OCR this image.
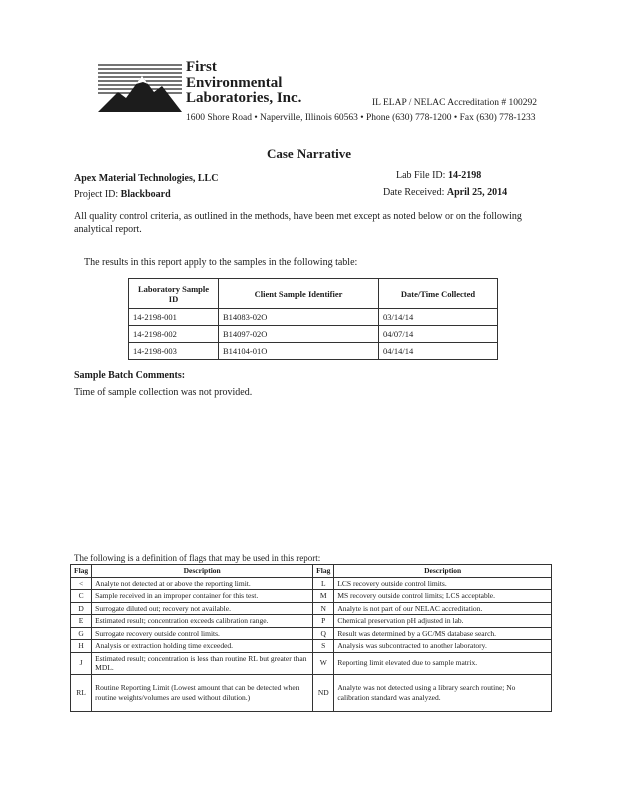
First
Environmental
Laboratories, Inc.	IL ELAP / NELAC Accreditation # 100292
1600 Shore Road • Naperville, Illinois 60563 • Phone (630) 778-1200 • Fax (630) 778-1233
Case Narrative
Apex Material Technologies, LLC
Project ID: Blackboard
Lab File ID: 14-2198
Date Received: April 25, 2014
All quality control criteria, as outlined in the methods, have been met except as noted below or on the following analytical report.
The results in this report apply to the samples in the following table:
Laboratory Sample ID	Client Sample Identifier	Date/Time Collected
14-2198-001	B14083-02O	03/14/14
14-2198-002	B14097-02O	04/07/14
14-2198-003	B14104-01O	04/14/14
Sample Batch Comments:
Time of sample collection was not provided.
The following is a definition of flags that may be used in this report:
Flag	Description	Flag	Description
<	Analyte not detected at or above the reporting limit.	L	LCS recovery outside control limits.
C	Sample received in an improper container for this test.	M	MS recovery outside control limits; LCS acceptable.
D	Surrogate diluted out; recovery not available.	N	Analyte is not part of our NELAC accreditation.
E	Estimated result; concentration exceeds calibration range.	P	Chemical preservation pH adjusted in lab.
G	Surrogate recovery outside control limits.	Q	Result was determined by a GC/MS database search.
H	Analysis or extraction holding time exceeded.	S	Analysis was subcontracted to another laboratory.
J	Estimated result; concentration is less than routine RL but greater than MDL.	W	Reporting limit elevated due to sample matrix.
RL	Routine Reporting Limit (Lowest amount that can be detected when routine weights/volumes are used without dilution.)	ND	Analyte was not detected using a library search routine; No calibration standard was analyzed.
